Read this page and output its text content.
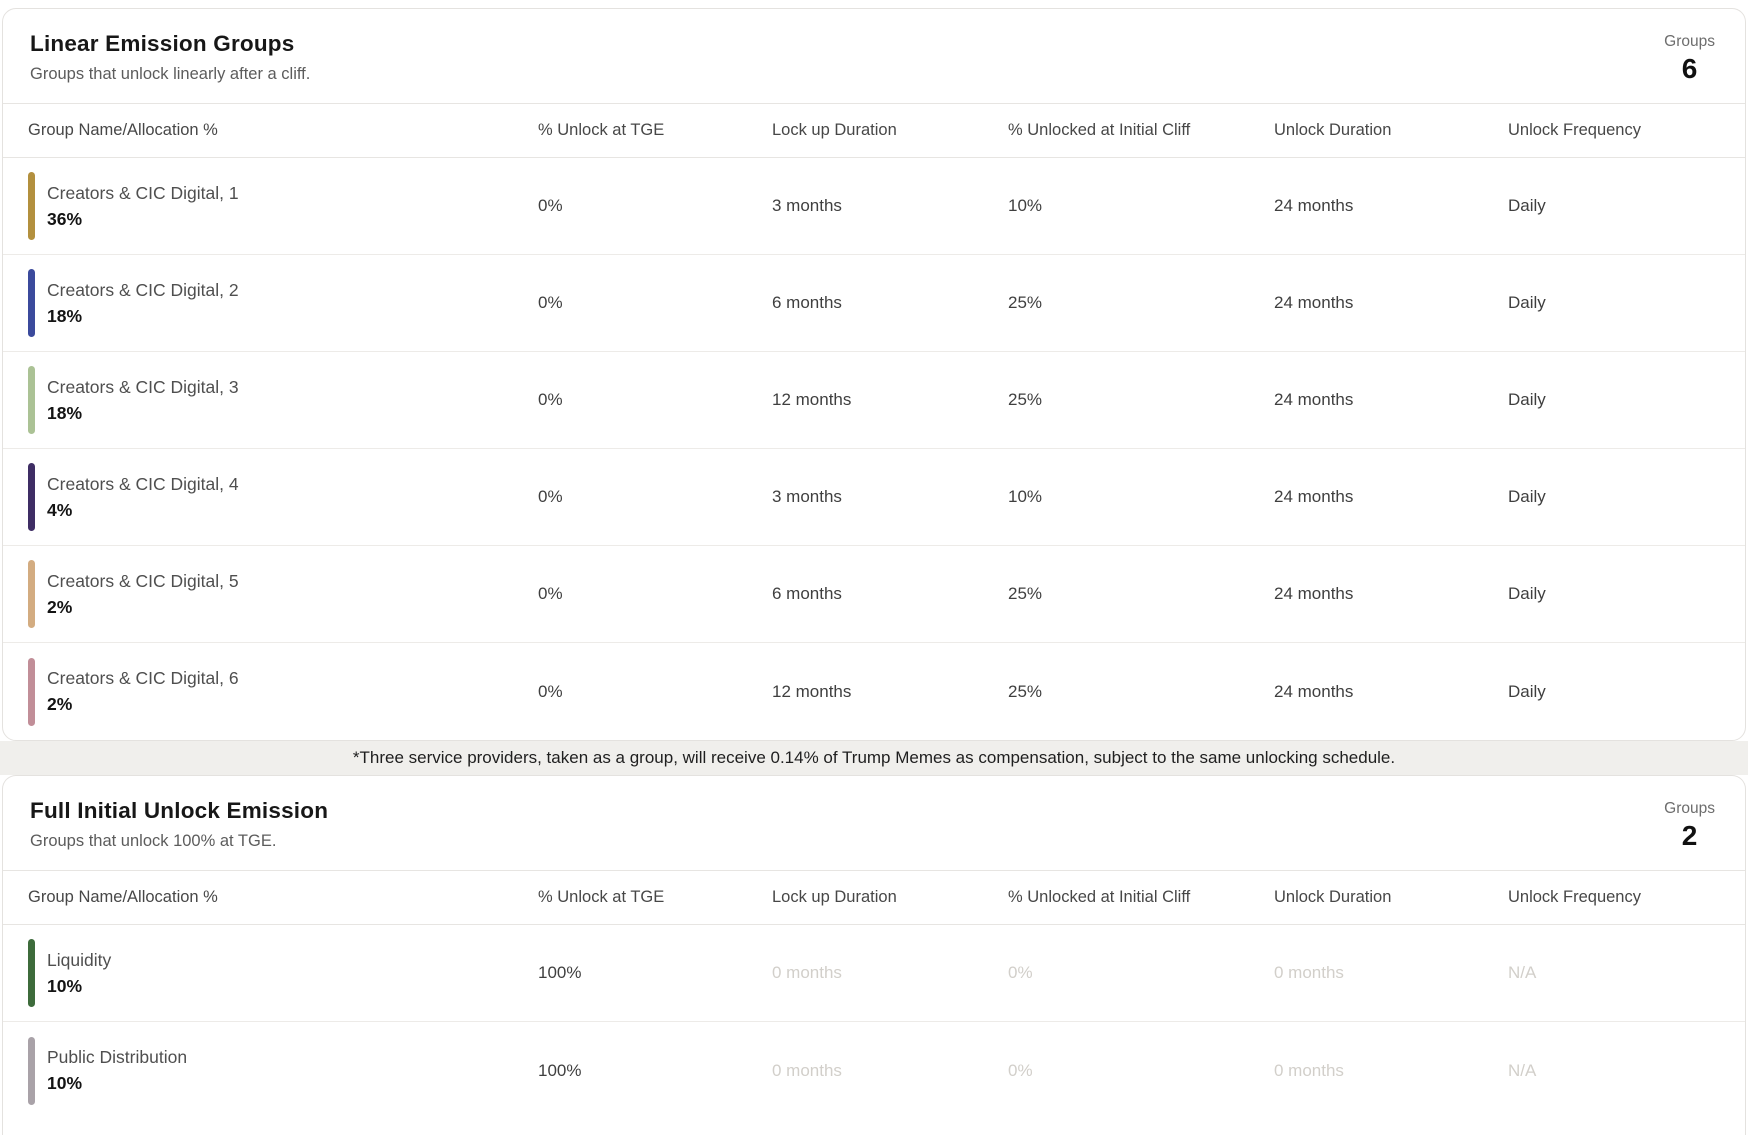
Linear Emission Groups
Groups that unlock linearly after a cliff.
Groups
6
Group Name/Allocation %	% Unlock at TGE	Lock up Duration	% Unlocked at Initial Cliff	Unlock Duration	Unlock Frequency
Creators & CIC Digital, 1
36%
0%	3 months	10%	24 months	Daily
Creators & CIC Digital, 2
18%
0%	6 months	25%	24 months	Daily
Creators & CIC Digital, 3
18%
0%	12 months	25%	24 months	Daily
Creators & CIC Digital, 4
4%
0%	3 months	10%	24 months	Daily
Creators & CIC Digital, 5
2%
0%	6 months	25%	24 months	Daily
Creators & CIC Digital, 6
2%
0%	12 months	25%	24 months	Daily
*Three service providers, taken as a group, will receive 0.14% of Trump Memes as compensation, subject to the same unlocking schedule.
Full Initial Unlock Emission
Groups that unlock 100% at TGE.
Groups
2
Group Name/Allocation %	% Unlock at TGE	Lock up Duration	% Unlocked at Initial Cliff	Unlock Duration	Unlock Frequency
Liquidity
10%
100%	0 months	0%	0 months	N/A
Public Distribution
10%
100%	0 months	0%	0 months	N/A
